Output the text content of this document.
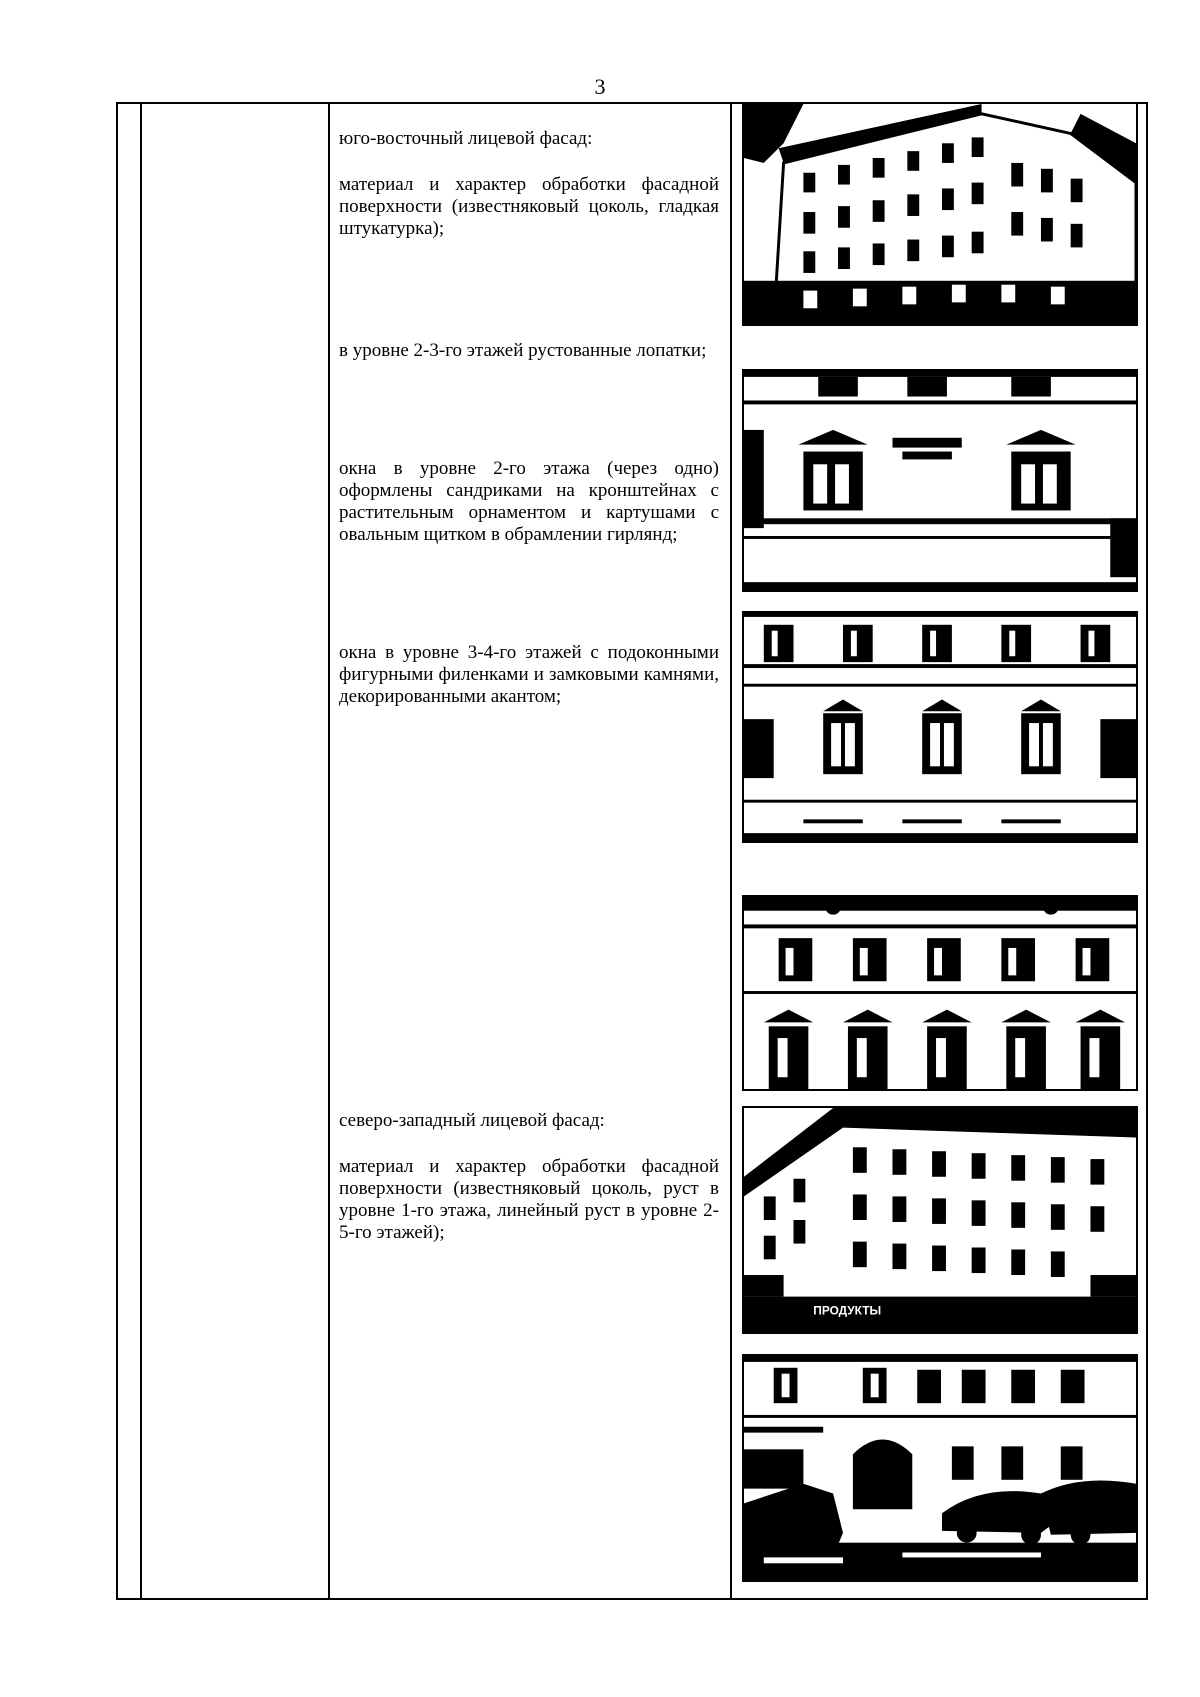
3
юго-восточный лицевой фасад:
материал и характер обработки фасадной поверхности (известняковый цоколь, гладкая штукатурка);
в уровне 2-3-го этажей рустованные лопатки;
окна в уровне 2-го этажа (через одно) оформлены сандриками на кронштейнах с растительным орнаментом и картушами с овальным щитком в обрамлении гирлянд;
окна в уровне 3-4-го этажей с подоконными фигурными филенками и замковыми камнями, декорированными акантом;
северо-западный лицевой фасад:
материал и характер обработки фасадной поверхности (известняковый цоколь, руст в уровне 1-го этажа, линейный руст в уровне 2-5-го этажей);
ПРОДУКТЫ
